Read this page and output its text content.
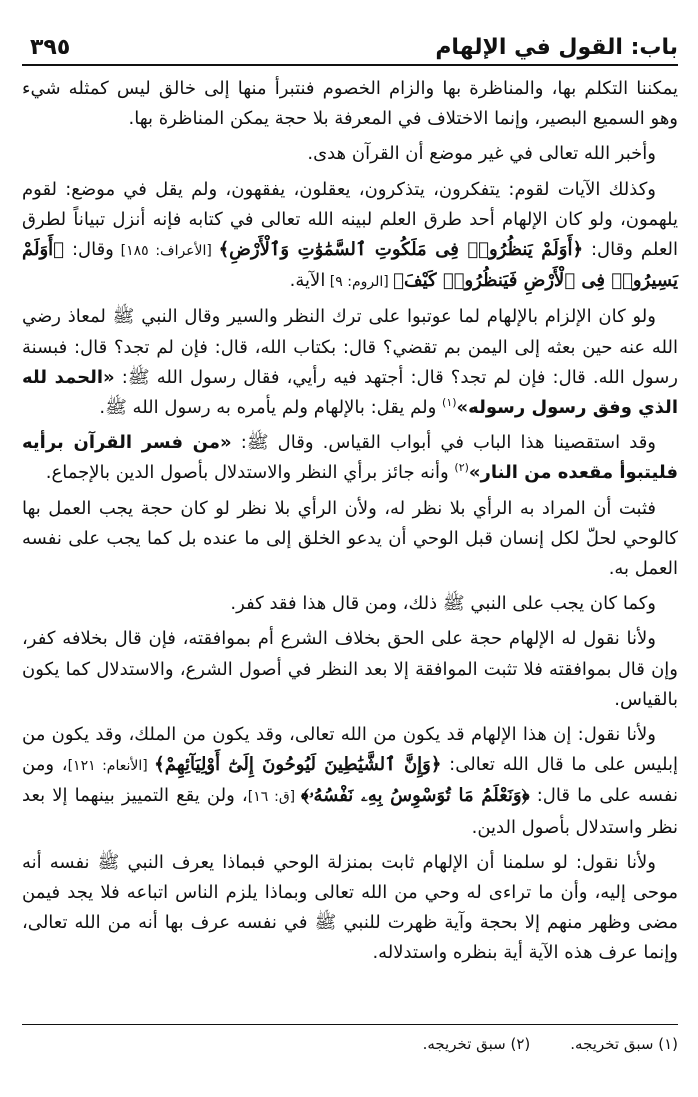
باب: القول في الإلهام
٣٩٥

يمكننا التكلم بها، والمناظرة بها والزام الخصوم فنتبرأ منها إلى خالق ليس كمثله شيء وهو السميع البصير، وإنما الاختلاف في المعرفة بلا حجة يمكن المناظرة بها.

وأخبر الله تعالى في غير موضع أن القرآن هدى.

وكذلك الآيات لقوم: يتفكرون، يتذكرون، يعقلون، يفقهون، ولم يقل في موضع: لقوم يلهمون، ولو كان الإلهام أحد طرق العلم لبينه الله تعالى في كتابه فإنه أنزل تبياناً لطرق العلم وقال: ﴿أَوَلَمْ يَنظُرُوا۟ فِى مَلَكُوتِ ٱلسَّمَٰوَٰتِ وَٱلْأَرْضِ﴾ [الأعراف: ١٨٥] وقال: ﴿أَوَلَمْ يَسِيرُوا۟ فِى ٱلْأَرْضِ فَيَنظُرُوا۟ كَيْفَ﴾ [الروم: ٩] الآية.

ولو كان الإلزام بالإلهام لما عوتبوا على ترك النظر والسير وقال النبي ﷺ لمعاذ رضي الله عنه حين بعثه إلى اليمن بم تقضي؟ قال: بكتاب الله، قال: فإن لم تجد؟ قال: فبسنة رسول الله. قال: فإن لم تجد؟ قال: أجتهد فيه رأيي، فقال رسول الله ﷺ: «الحمد لله الذي وفق رسول رسوله»$^{(١)}$ ولم يقل: بالإلهام ولم يأمره به رسول الله ﷺ.

وقد استقصينا هذا الباب في أبواب القياس. وقال ﷺ: «من فسر القرآن برأيه فليتبوأ مقعده من النار»$^{(٢)}$ وأنه جائز برأي النظر والاستدلال بأصول الدين بالإجماع.

فثبت أن المراد به الرأي بلا نظر له، ولأن الرأي بلا نظر لو كان حجة يجب العمل بها كالوحي لحلّ لكل إنسان قبل الوحي أن يدعو الخلق إلى ما عنده بل كما يجب على نفسه العمل به.

وكما كان يجب على النبي ﷺ ذلك، ومن قال هذا فقد كفر.

ولأنا نقول له الإلهام حجة على الحق بخلاف الشرع أم بموافقته، فإن قال بخلافه كفر، وإن قال بموافقته فلا تثبت الموافقة إلا بعد النظر في أصول الشرع، والاستدلال كما يكون بالقياس.

ولأنا نقول: إن هذا الإلهام قد يكون من الله تعالى، وقد يكون من الملك، وقد يكون من إبليس على ما قال الله تعالى: ﴿وَإِنَّ ٱلشَّيَٰطِينَ لَيُوحُونَ إِلَىٰٓ أَوْلِيَآئِهِمْ﴾ [الأنعام: ١٢١]، ومن نفسه على ما قال: ﴿وَنَعْلَمُ مَا تُوَسْوِسُ بِهِۦ نَفْسُهُۥ﴾ [ق: ١٦]، ولن يقع التمييز بينهما إلا بعد نظر واستدلال بأصول الدين.

ولأنا نقول: لو سلمنا أن الإلهام ثابت بمنزلة الوحي فبماذا يعرف النبي ﷺ نفسه أنه موحى إليه، وأن ما تراءى له وحي من الله تعالى وبماذا يلزم الناس اتباعه فلا يجد فيمن مضى وظهر منهم إلا بحجة وآية ظهرت للنبي ﷺ في نفسه عرف بها أنه من الله تعالى، وإنما عرف هذه الآية أية بنظره واستدلاله.

(١) سبق تخريجه.
(٢) سبق تخريجه.
